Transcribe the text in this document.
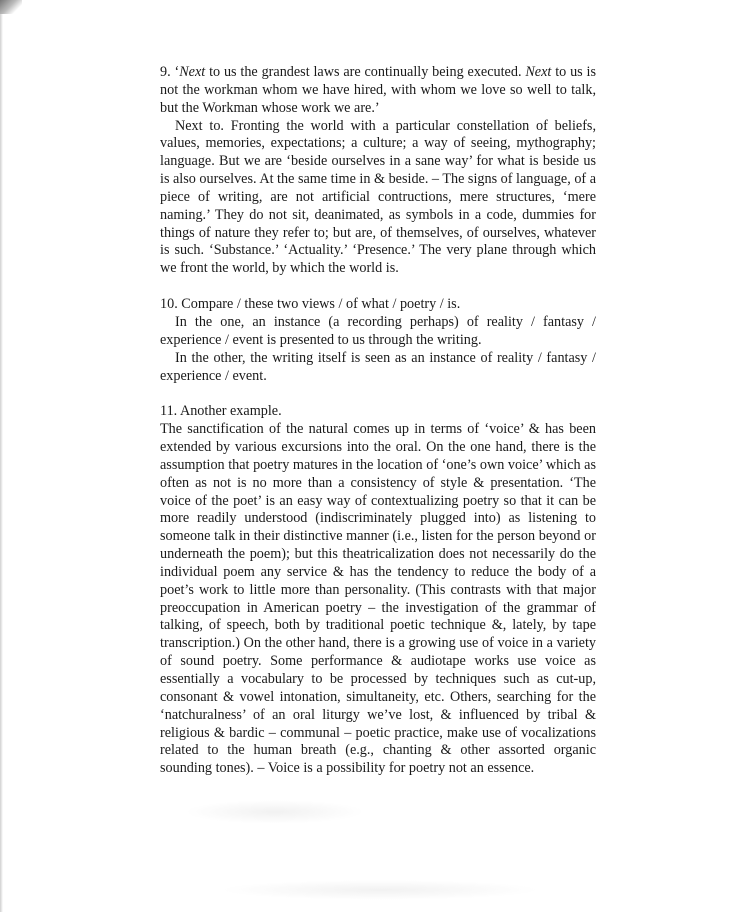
9. ‘Next to us the grandest laws are continually being executed. Next to us is not the workman whom we have hired, with whom we love so well to talk, but the Workman whose work we are.’

Next to. Fronting the world with a particular constellation of beliefs, values, memories, expectations; a culture; a way of seeing, mythography; language. But we are ‘beside ourselves in a sane way’ for what is beside us is also ourselves. At the same time in & beside. – The signs of language, of a piece of writing, are not artificial contructions, mere structures, ‘mere naming.’ They do not sit, deanimated, as symbols in a code, dummies for things of nature they refer to; but are, of themselves, of ourselves, whatever is such. ‘Substance.’ ‘Actuality.’ ‘Presence.’ The very plane through which we front the world, by which the world is.

10. Compare / these two views / of what / poetry / is.

In the one, an instance (a recording perhaps) of reality / fantasy / experience / event is presented to us through the writing.

In the other, the writing itself is seen as an instance of reality / fantasy / experience / event.

11. Another example.

The sanctification of the natural comes up in terms of ‘voice’ & has been extended by various excursions into the oral. On the one hand, there is the assumption that poetry matures in the location of ‘one’s own voice’ which as often as not is no more than a consistency of style & presentation. ‘The voice of the poet’ is an easy way of contextualizing poetry so that it can be more readily understood (indiscriminately plugged into) as listening to someone talk in their distinctive manner (i.e., listen for the person beyond or underneath the poem); but this theatricalization does not necessarily do the individual poem any service & has the tendency to reduce the body of a poet’s work to little more than personality. (This contrasts with that major preoccupation in American poetry – the investigation of the grammar of talking, of speech, both by traditional poetic technique &, lately, by tape transcription.) On the other hand, there is a growing use of voice in a variety of sound poetry. Some performance & audiotape works use voice as essentially a vocabulary to be processed by techniques such as cut-up, consonant & vowel intonation, simultaneity, etc. Others, searching for the ‘natchuralness’ of an oral liturgy we’ve lost, & influenced by tribal & religious & bardic – communal – poetic practice, make use of vocalizations related to the human breath (e.g., chanting & other assorted organic sounding tones). – Voice is a possibility for poetry not an essence.
